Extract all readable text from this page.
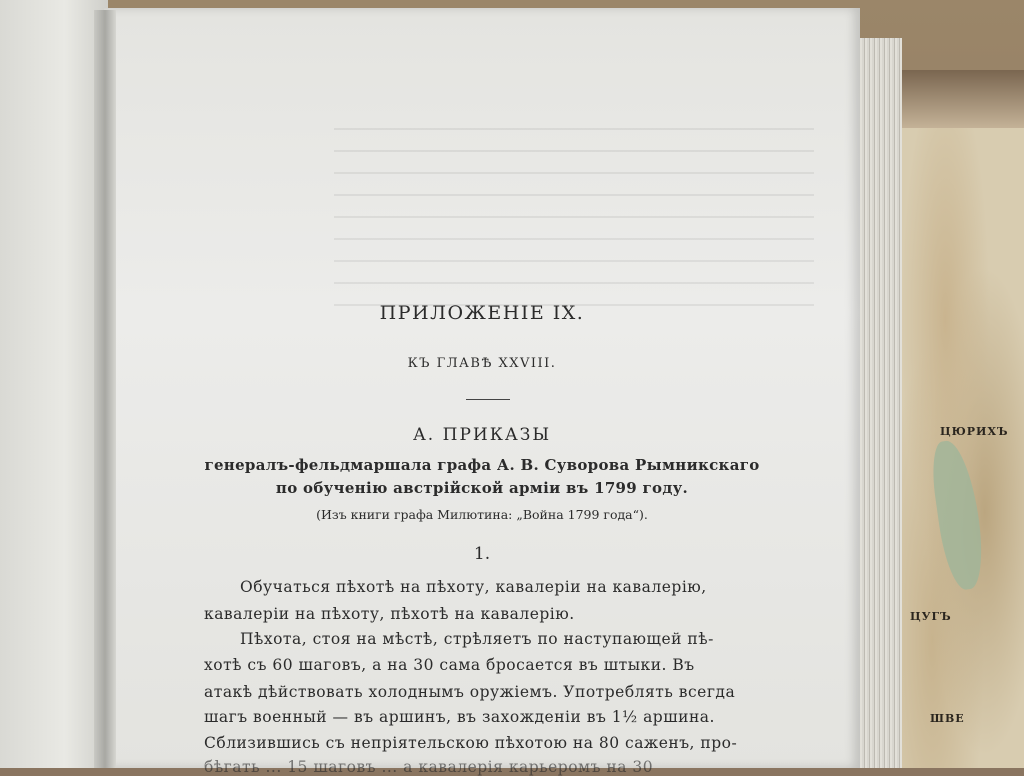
ЦЮРИХЪ
ЦУГЪ
ШВЕ
ПРИЛОЖЕНІЕ IX.
КЪ ГЛАВѢ XXVIII.
А. ПРИКАЗЫ
генералъ-фельдмаршала графа А. В. Суворова Рымникскаго
по обученію австрійской арміи въ 1799 году.
(Изъ книги графа Милютина: „Война 1799 года“).
1.
Обучаться пѣхотѣ на пѣхоту, кавалеріи на кавалерію,
кавалеріи на пѣхоту, пѣхотѣ на кавалерію.
Пѣхота, стоя на мѣстѣ, стрѣляетъ по наступающей пѣ-
хотѣ съ 60 шаговъ, а на 30 сама бросается въ штыки. Въ
атакѣ дѣйствовать холоднымъ оружіемъ. Употреблять всегда
шагъ военный — въ аршинъ, въ захожденіи въ 1½ аршина.
Сблизившись съ непріятельскою пѣхотою на 80 саженъ, про-
бѣгать ... 15 шаговъ ... а кавалерія карьеромъ на 30
